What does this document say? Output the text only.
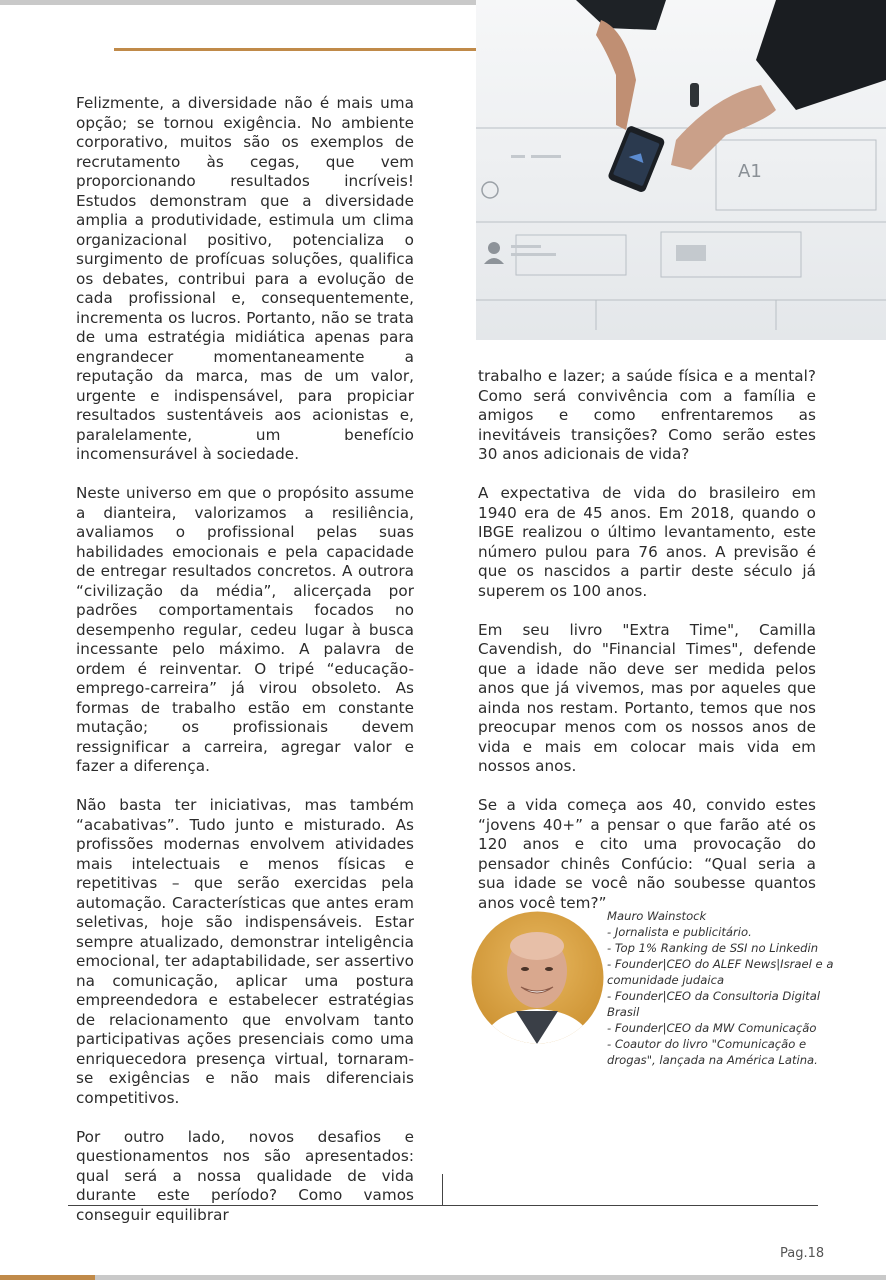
A1

Felizmente, a diversidade não é mais uma opção; se tornou exigência. No ambiente corporativo, muitos são os exemplos de recrutamento às cegas, que vem proporcionando resultados incríveis! Estudos demonstram que a diversidade amplia a produtividade, estimula um clima organizacional positivo, potencializa o surgimento de profícuas soluções, qualifica os debates, contribui para a evolução de cada profissional e, consequentemente, incrementa os lucros. Portanto, não se trata de uma estratégia midiática apenas para engrandecer momentaneamente a reputação da marca, mas de um valor, urgente e indispensável, para propiciar resultados sustentáveis aos acionistas e, paralelamente, um benefício incomensurável à sociedade.

Neste universo em que o propósito assume a dianteira, valorizamos a resiliência, avaliamos o profissional pelas suas habilidades emocionais e pela capacidade de entregar resultados concretos. A outrora “civilização da média”, alicerçada por padrões comportamentais focados no desempenho regular, cedeu lugar à busca incessante pelo máximo. A palavra de ordem é reinventar. O tripé “educação-emprego-carreira” já virou obsoleto. As formas de trabalho estão em constante mutação; os profissionais devem ressignificar a carreira, agregar valor e fazer a diferença.

Não basta ter iniciativas, mas também “acabativas”. Tudo junto e misturado. As profissões modernas envolvem atividades mais intelectuais e menos físicas e repetitivas – que serão exercidas pela automação. Características que antes eram seletivas, hoje são indispensáveis. Estar sempre atualizado, demonstrar inteligência emocional, ter adaptabilidade, ser assertivo na comunicação, aplicar uma postura empreendedora e estabelecer estratégias de relacionamento que envolvam tanto participativas ações presenciais como uma enriquecedora presença virtual, tornaram-se exigências e não mais diferenciais competitivos.

Por outro lado, novos desafios e questionamentos nos são apresentados: qual será a nossa qualidade de vida durante este período? Como vamos conseguir equilibrar

trabalho e lazer; a saúde física e a mental? Como será convivência com a família e amigos e como enfrentaremos as inevitáveis transições? Como serão estes 30 anos adicionais de vida?

A expectativa de vida do brasileiro em 1940 era de 45 anos. Em 2018, quando o IBGE realizou o último levantamento, este número pulou para 76 anos. A previsão é que os nascidos a partir deste século já superem os 100 anos.

Em seu livro "Extra Time", Camilla Cavendish, do "Financial Times", defende que a idade não deve ser medida pelos anos que já vivemos, mas por aqueles que ainda nos restam. Portanto, temos que nos preocupar menos com os nossos anos de vida e mais em colocar mais vida em nossos anos.

Se a vida começa aos 40, convido estes “jovens 40+” a pensar o que farão até os 120 anos e cito uma provocação do pensador chinês Confúcio: “Qual seria a sua idade se você não soubesse quantos anos você tem?”

Mauro Wainstock
- Jornalista e publicitário.
- Top 1% Ranking de SSI no Linkedin
- Founder|CEO do ALEF News|Israel e a comunidade judaica
- Founder|CEO da Consultoria Digital Brasil
- Founder|CEO da MW Comunicação
- Coautor do livro "Comunicação e drogas", lançada na América Latina.
Pag.18
